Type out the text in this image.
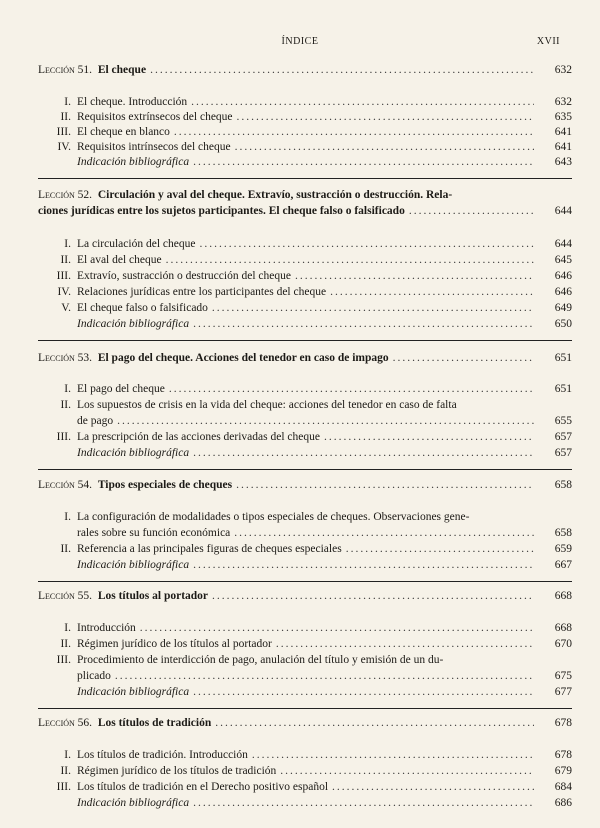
ÍNDICE	XVII
Lección 51. El cheque .....	632
I. El cheque. Introducción .....	632
II. Requisitos extrínsecos del cheque .....	635
III. El cheque en blanco .....	641
IV. Requisitos intrínsecos del cheque .....	641
Indicación bibliográfica .....	643
Lección 52. Circulación y aval del cheque. Extravío, sustracción o destrucción. Rela-
ciones jurídicas entre los sujetos participantes. El cheque falso o falsificado .....	644
I. La circulación del cheque .....	644
II. El aval del cheque .....	645
III. Extravío, sustracción o destrucción del cheque .....	646
IV. Relaciones jurídicas entre los participantes del cheque .....	646
V. El cheque falso o falsificado .....	649
Indicación bibliográfica .....	650
Lección 53. El pago del cheque. Acciones del tenedor en caso de impago .....	651
I. El pago del cheque .....	651
II. Los supuestos de crisis en la vida del cheque: acciones del tenedor en caso de falta
de pago .....	655
III. La prescripción de las acciones derivadas del cheque .....	657
Indicación bibliográfica .....	657
Lección 54. Tipos especiales de cheques .....	658
I. La configuración de modalidades o tipos especiales de cheques. Observaciones gene-
rales sobre su función económica .....	658
II. Referencia a las principales figuras de cheques especiales .....	659
Indicación bibliográfica .....	667
Lección 55. Los títulos al portador .....	668
I. Introducción .....	668
II. Régimen jurídico de los títulos al portador .....	670
III. Procedimiento de interdicción de pago, anulación del título y emisión de un du-
plicado .....	675
Indicación bibliográfica .....	677
Lección 56. Los títulos de tradición .....	678
I. Los títulos de tradición. Introducción .....	678
II. Régimen jurídico de los títulos de tradición .....	679
III. Los títulos de tradición en el Derecho positivo español .....	684
Indicación bibliográfica .....	686
